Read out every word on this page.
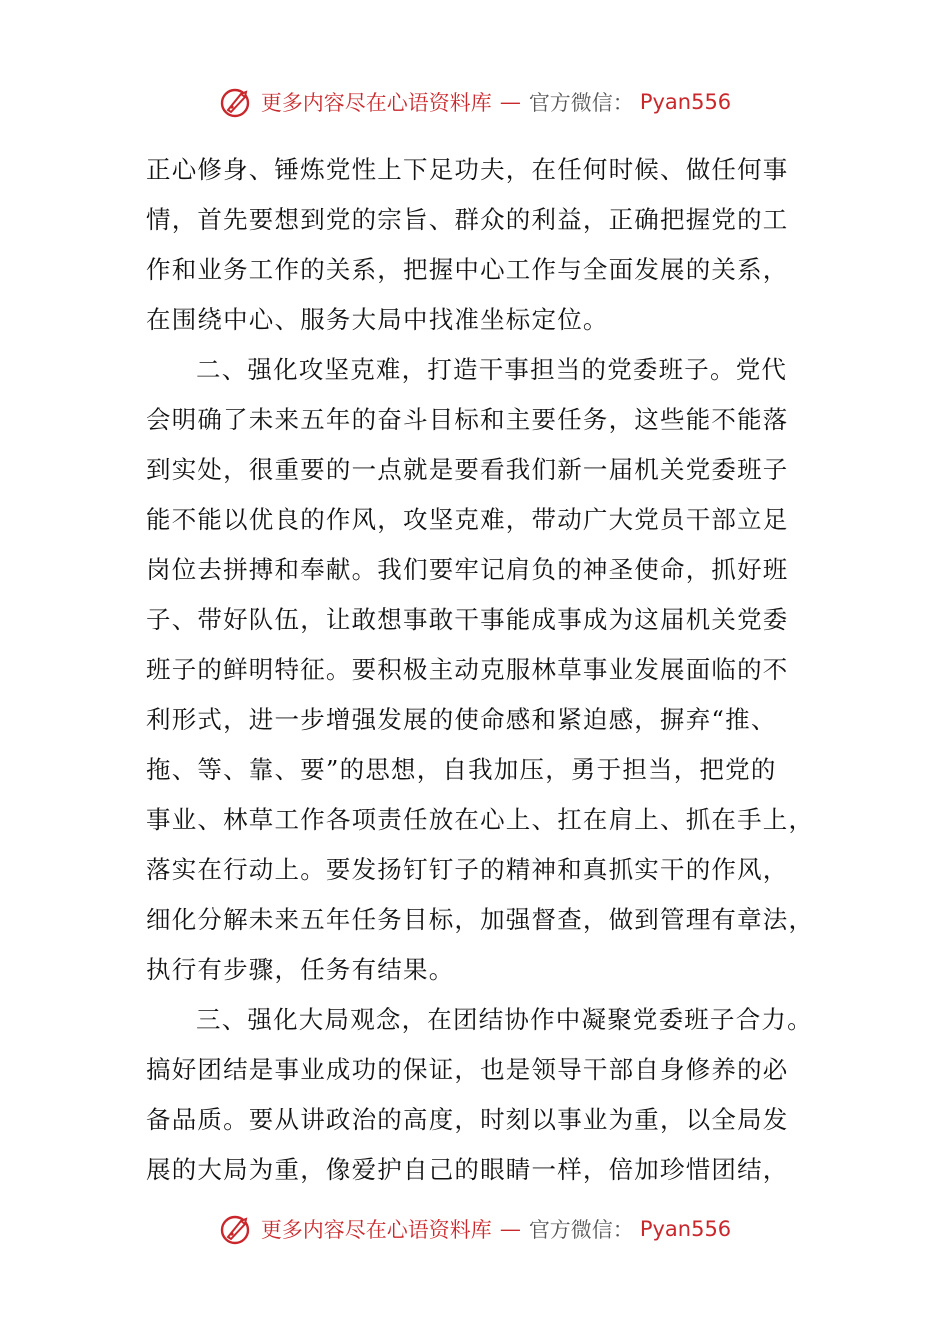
更多内容尽在心语资料库 — 官方微信： Pyan556
正心修身、锤炼党性上下足功夫，在任何时候、做任何事
情，首先要想到党的宗旨、群众的利益，正确把握党的工
作和业务工作的关系，把握中心工作与全面发展的关系，
在围绕中心、服务大局中找准坐标定位。
二、强化攻坚克难，打造干事担当的党委班子。党代
会明确了未来五年的奋斗目标和主要任务，这些能不能落
到实处，很重要的一点就是要看我们新一届机关党委班子
能不能以优良的作风，攻坚克难，带动广大党员干部立足
岗位去拼搏和奉献。我们要牢记肩负的神圣使命，抓好班
子、带好队伍，让敢想事敢干事能成事成为这届机关党委
班子的鲜明特征。要积极主动克服林草事业发展面临的不
利形式，进一步增强发展的使命感和紧迫感，摒弃“推、
拖、等、靠、要”的思想，自我加压，勇于担当，把党的
事业、林草工作各项责任放在心上、扛在肩上、抓在手上，
落实在行动上。要发扬钉钉子的精神和真抓实干的作风，
细化分解未来五年任务目标，加强督查，做到管理有章法，
执行有步骤，任务有结果。
三、强化大局观念，在团结协作中凝聚党委班子合力。
搞好团结是事业成功的保证，也是领导干部自身修养的必
备品质。要从讲政治的高度，时刻以事业为重，以全局发
展的大局为重，像爱护自己的眼睛一样，倍加珍惜团结，
更多内容尽在心语资料库 — 官方微信： Pyan556
